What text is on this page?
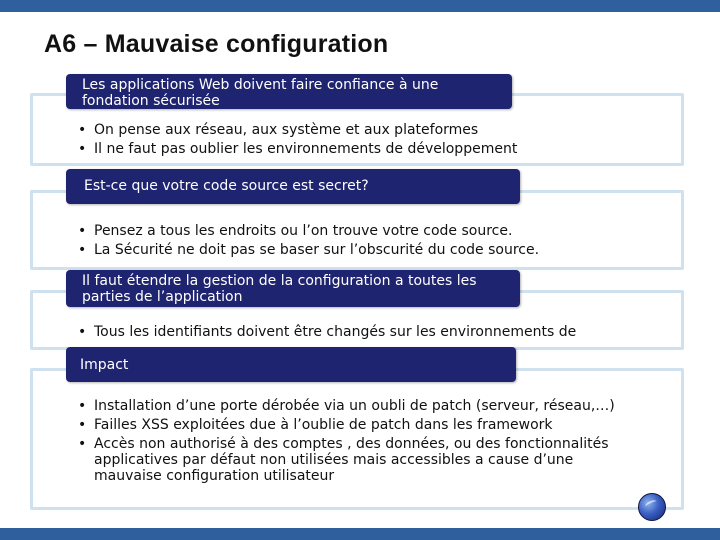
A6 – Mauvaise configuration
Les applications Web doivent faire confiance à une fondation sécurisée
• On pense aux réseau, aux système et aux plateformes
• Il ne faut pas oublier les environnements de développement
Est-ce que votre code source est secret?
• Pensez a tous les endroits ou l’on trouve votre code source.
• La Sécurité ne doit pas se baser sur l’obscurité du code source.
Il faut étendre la gestion de la configuration a toutes les parties de l’application
• Tous les identifiants doivent être changés sur les environnements de
Impact
• Installation d’une porte dérobée via un oubli de patch (serveur, réseau,…)
• Failles XSS exploitées due à l’oublie de patch dans les framework
• Accès non authorisé à des comptes , des données, ou des fonctionnalités applicatives par défaut non utilisées mais accessibles a cause d’une mauvaise configuration utilisateur
